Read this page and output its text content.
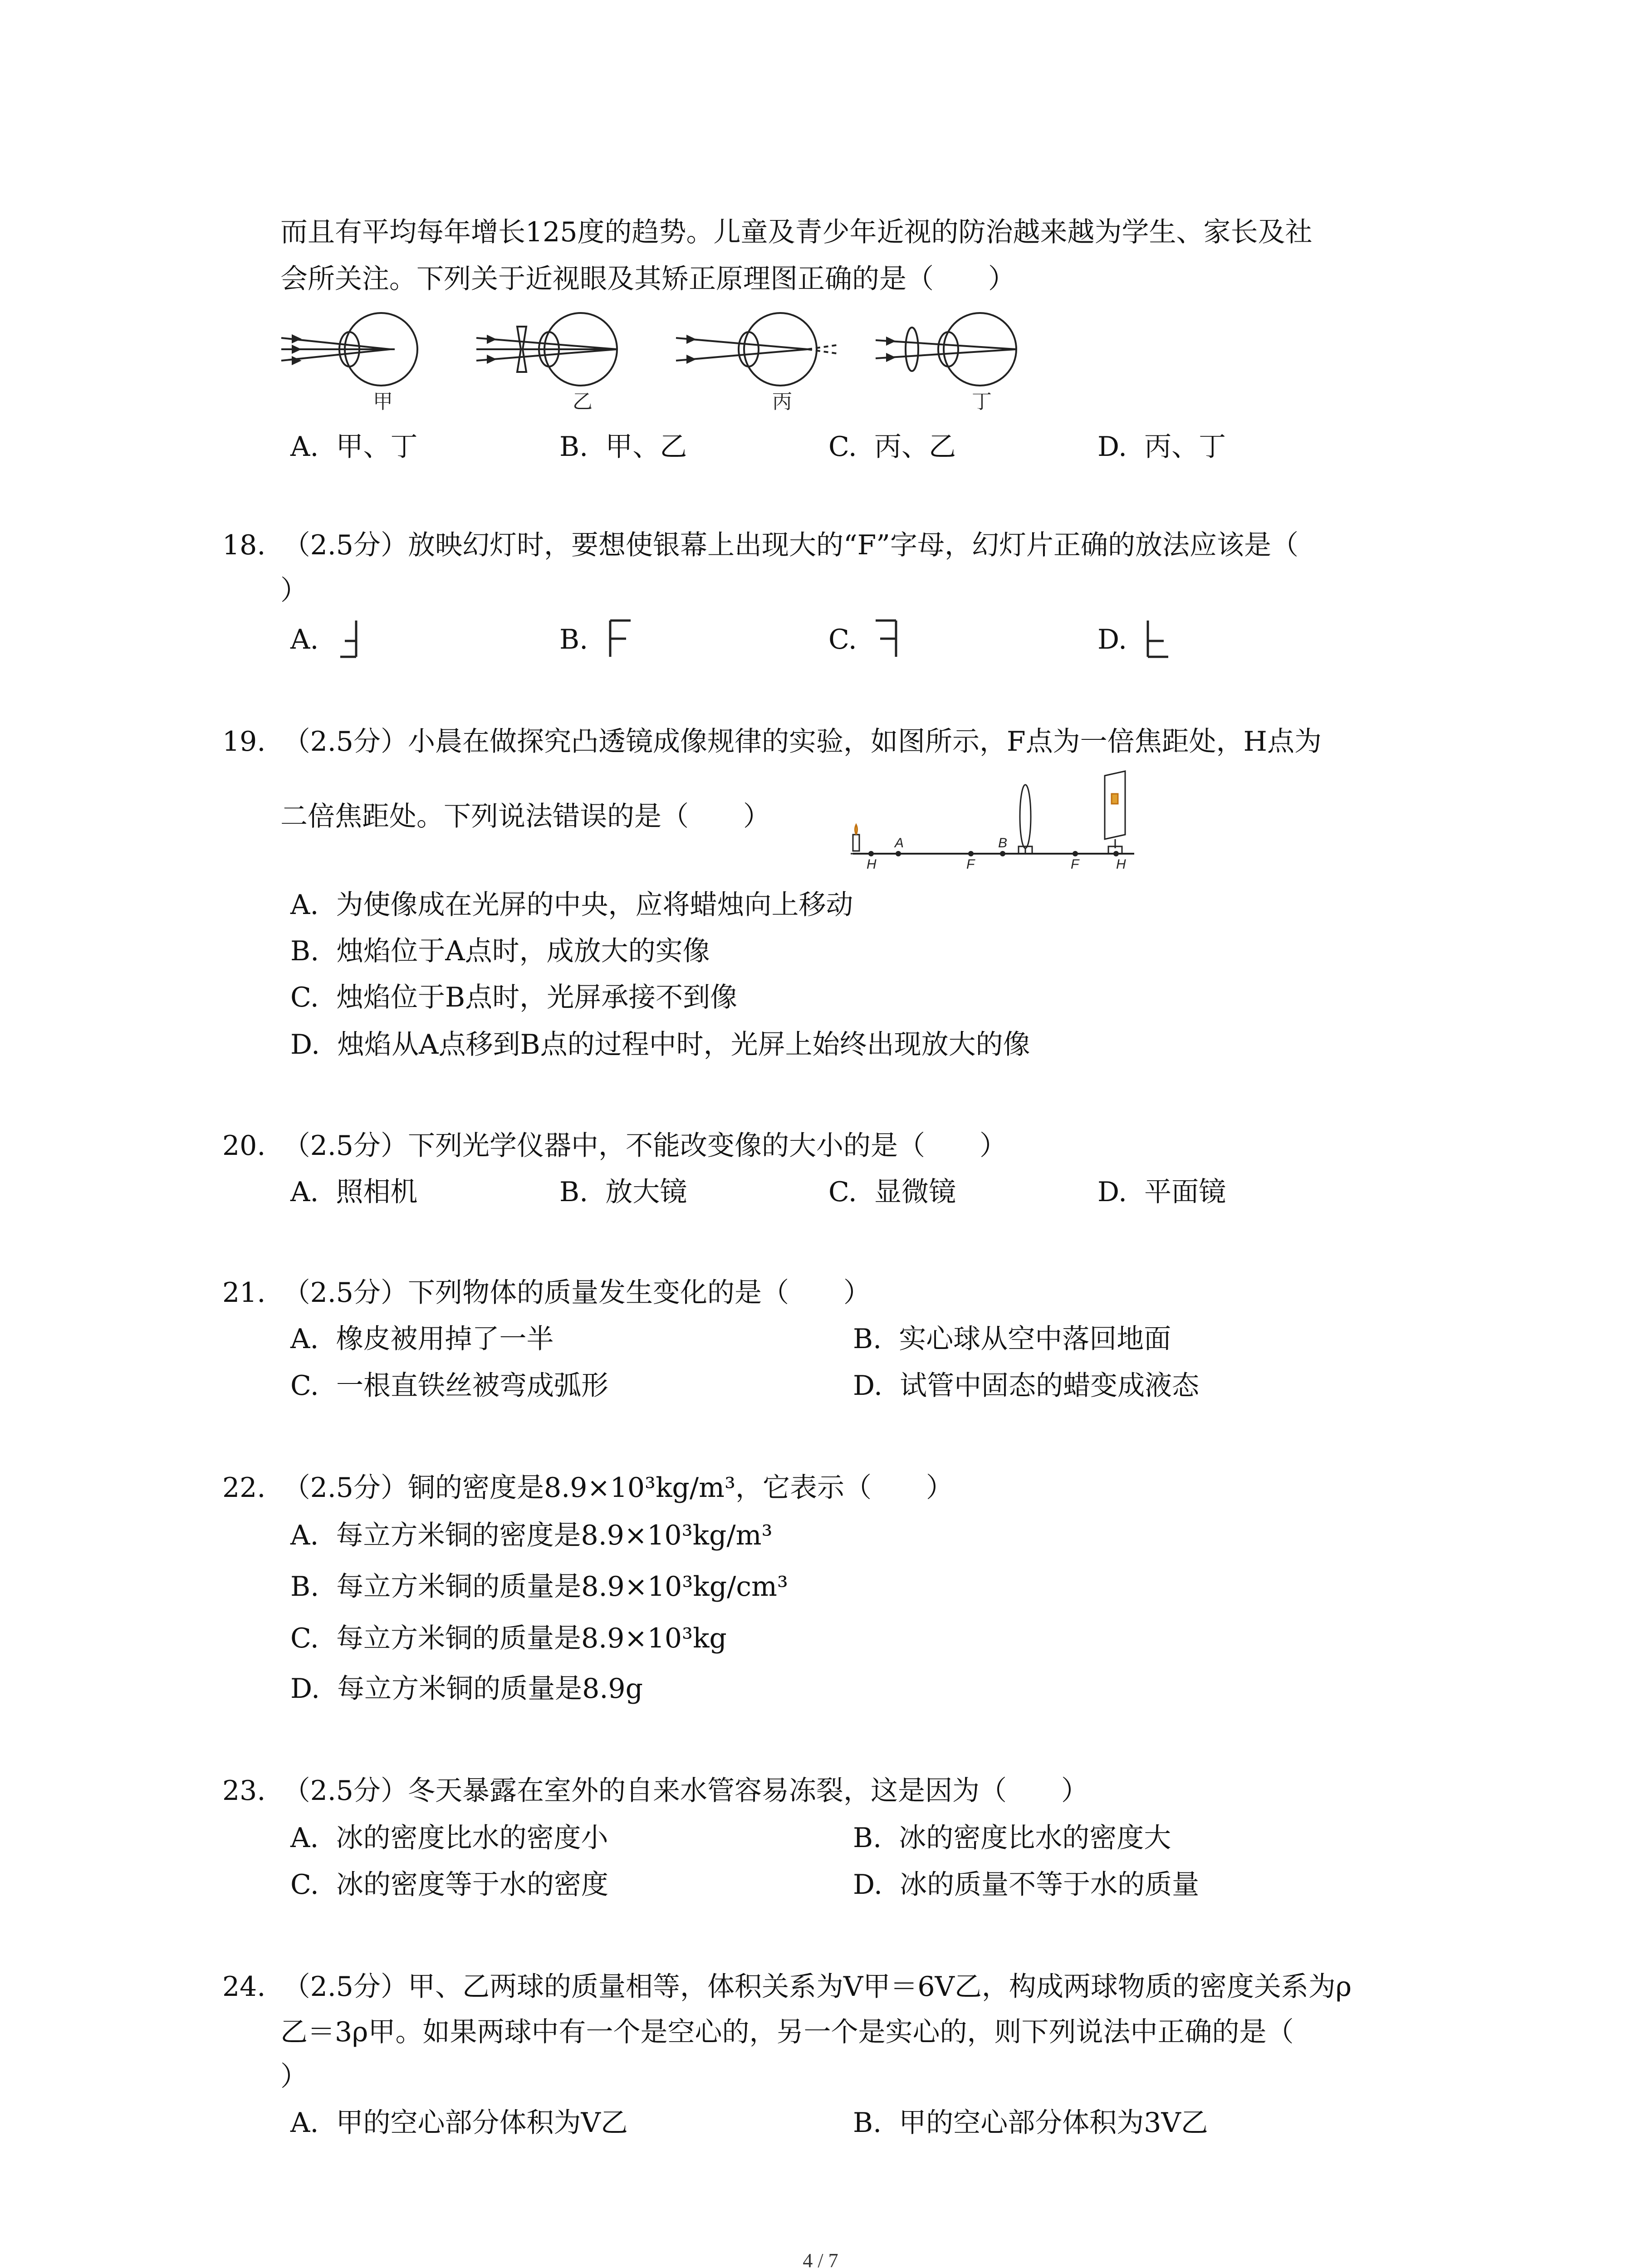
而且有平均每年增长125度的趋势。儿童及青少年近视的防治越来越为学生、家长及社
会所关注。下列关于近视眼及其矫正原理图正确的是（　　）
甲	乙	丙	丁
A.  甲、丁	B.  甲、乙	C.  丙、乙	D.  丙、丁
18.  （2.5分）放映幻灯时，要想使银幕上出现大的“F”字母，幻灯片正确的放法应该是（
）
A.	B.	C.	D.
19.  （2.5分）小晨在做探究凸透镜成像规律的实验，如图所示，F点为一倍焦距处，H点为
二倍焦距处。下列说法错误的是（　　）
H
A
F
B
F	H
A.  为使像成在光屏的中央，应将蜡烛向上移动
B.  烛焰位于A点时，成放大的实像
C.  烛焰位于B点时，光屏承接不到像
D.  烛焰从A点移到B点的过程中时，光屏上始终出现放大的像
20.  （2.5分）下列光学仪器中，不能改变像的大小的是（　　）
A.  照相机	B.  放大镜	C.  显微镜	D.  平面镜
21.  （2.5分）下列物体的质量发生变化的是（　　）
A.  橡皮被用掉了一半	B.  实心球从空中落回地面
C.  一根直铁丝被弯成弧形	D.  试管中固态的蜡变成液态
22.  （2.5分）铜的密度是8.9×10³kg/m³，它表示（　　）
A.  每立方米铜的密度是8.9×10³kg/m³
B.  每立方米铜的质量是8.9×10³kg/cm³
C.  每立方米铜的质量是8.9×10³kg
D.  每立方米铜的质量是8.9g
23.  （2.5分）冬天暴露在室外的自来水管容易冻裂，这是因为（　　）
A.  冰的密度比水的密度小	B.  冰的密度比水的密度大
C.  冰的密度等于水的密度	D.  冰的质量不等于水的质量
24.  （2.5分）甲、乙两球的质量相等，体积关系为V甲＝6V乙，构成两球物质的密度关系为ρ
乙＝3ρ甲。如果两球中有一个是空心的，另一个是实心的，则下列说法中正确的是（
）
A.  甲的空心部分体积为V乙	B.  甲的空心部分体积为3V乙
4 / 7
